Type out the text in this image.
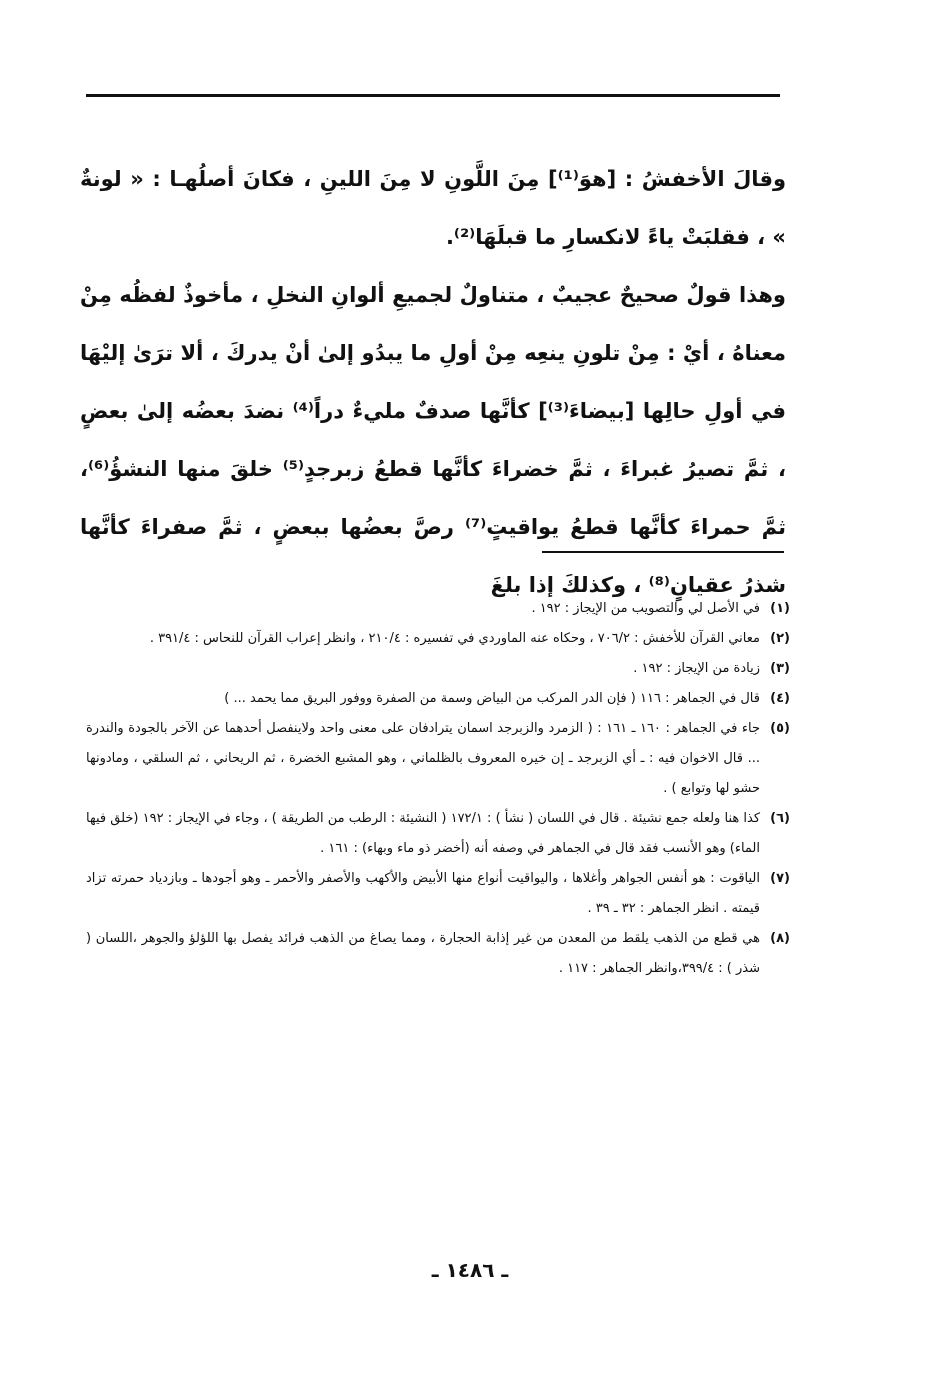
وقالَ الأخفشُ : [هوَ⁽¹⁾] مِنَ اللَّونِ لا مِنَ اللينِ ، فكانَ أصلُهـا : « لونةٌ » ، فقلبَتْ ياءً لانكسارِ ما قبلَهَا⁽²⁾.

وهذا قولٌ صحيحٌ عجيبٌ ، متناولٌ لجميعِ ألوانِ النخلِ ، مأخوذٌ لفظُه مِنْ معناهُ ، أيْ : مِنْ تلونِ ينعِه مِنْ أولِ ما يبدُو إلىٰ أنْ يدركَ ، ألا ترَىٰ إليْهَا في أولِ حالِها [بيضاءَ⁽³⁾] كأنَّها صدفٌ مليءٌ دراً⁽⁴⁾ نضدَ بعضُه إلىٰ بعضٍ ، ثمَّ تصيرُ غبراءَ ، ثمَّ خضراءَ كأنَّها قطعُ زبرجدٍ⁽⁵⁾ خلقَ منها النشؤُ⁽⁶⁾، ثمَّ حمراءَ كأنَّها قطعُ يواقيتٍ⁽⁷⁾ رصَّ بعضُها ببعضٍ ، ثمَّ صفراءَ كأنَّها شذرُ عقيانٍ⁽⁸⁾ ، وكذلكَ إذا بلغَ

(١)
في الأصل لي والتصويب من الإيجاز : ١٩٢ .
(٢)
معاني القرآن للأخفش : ٧٠٦/٢ ، وحكاه عنه الماوردي في تفسيره : ٢١٠/٤ ، وانظر إعراب القرآن للنحاس : ٣٩١/٤ .
(٣)
زيادة من الإيجاز : ١٩٢ .
(٤)
قال في الجماهر : ١١٦ ( فإن الدر المركب من البياض وسمة من الصفرة ووفور البريق مما يحمد ... )
(٥)
جاء في الجماهر : ١٦٠ ـ ١٦١ : ( الزمرد والزبرجد اسمان يترادفان على معنى واحد ولاينفصل أحدهما عن الآخر بالجودة والندرة ... قال الاخوان فيه : ـ أي الزبرجد ـ إن خيره المعروف بالظلماني ، وهو المشبع الخضرة ، ثم الريحاني ، ثم السلقي ، ومادونها حشو لها وتوابع ) .
(٦)
كذا هنا ولعله جمع نشيئة . قال في اللسان ( نشأ ) : ١٧٢/١ ( النشيئة : الرطب من الطريقة ) ، وجاء في الإيجاز : ١٩٢ (خلق فيها الماء) وهو الأنسب فقد قال في الجماهر في وصفه أنه (أخضر ذو ماء وبهاء) : ١٦١ .
(٧)
الياقوت : هو أنفس الجواهر وأغلاها ، واليواقيت أنواع منها الأبيض والأكهب والأصفر والأحمر ـ وهو أجودها ـ وبازدياد حمرته تزاد قيمته . انظر الجماهر : ٣٢ ـ ٣٩ .
(٨)
هي قطع من الذهب يلقط من المعدن من غير إذابة الحجارة ، ومما يصاغ من الذهب فرائد يفصل بها اللؤلؤ والجوهر ،اللسان ( شذر ) : ٣٩٩/٤،وانظر الجماهر : ١١٧ .
ـ ١٤٨٦ ـ
